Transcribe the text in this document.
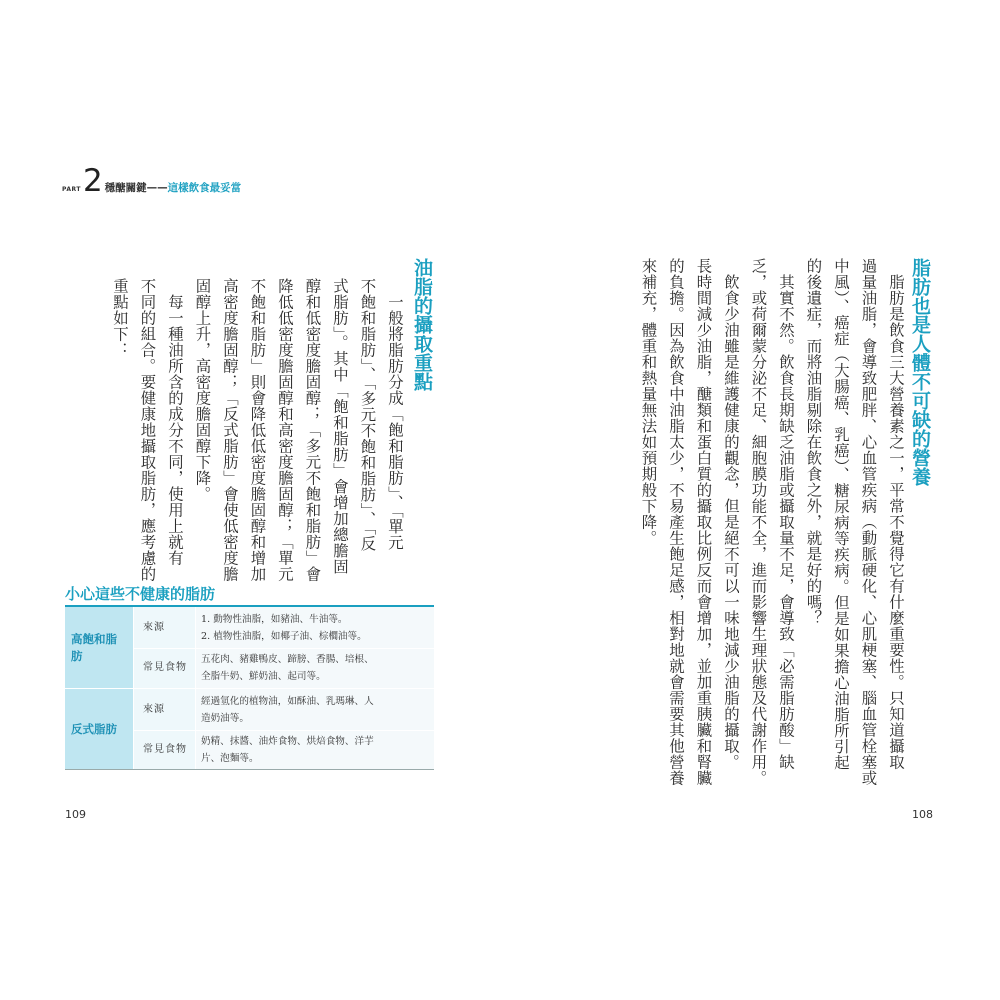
PART 2 穩醣關鍵—— 這樣飲食最妥當
脂肪也是人體不可缺的營養

　脂肪是飲食三大營養素之一，平常不覺得它有什麼重要性。只知道攝取

過量油脂，會導致肥胖、心血管疾病（動脈硬化、心肌梗塞、腦血管栓塞或

中風）、癌症（大腸癌、乳癌）、糖尿病等疾病。但是如果擔心油脂所引起

的後遺症，而將油脂剔除在飲食之外，就是好的嗎？

　其實不然。飲食長期缺乏油脂或攝取量不足，會導致「必需脂肪酸」缺

乏，或荷爾蒙分泌不足、細胞膜功能不全，進而影響生理狀態及代謝作用。

　飲食少油雖是維護健康的觀念，但是絕不可以一味地減少油脂的攝取。

長時間減少油脂，醣類和蛋白質的攝取比例反而會增加，並加重胰臟和腎臟

的負擔。因為飲食中油脂太少，不易產生飽足感，相對地就會需要其他營養

來補充，體重和熱量無法如預期般下降。

108
油脂的攝取重點

　一般將脂肪分成「飽和脂肪」、「單元

不飽和脂肪」、「多元不飽和脂肪」、「反

式脂肪」。其中「飽和脂肪」會增加總膽固

醇和低密度膽固醇；「多元不飽和脂肪」會

降低低密度膽固醇和高密度膽固醇；「單元

不飽和脂肪」則會降低低密度膽固醇和增加

高密度膽固醇；「反式脂肪」會使低密度膽

固醇上升，高密度膽固醇下降。

　每一種油所含的成分不同，使用上就有

不同的組合。要健康地攝取脂肪，應考慮的

重點如下：

109
小心這些不健康的脂肪
高飽和脂肪
來源
1. 動物性油脂，如豬油、牛油等。
2. 植物性油脂，如椰子油、棕櫚油等。
常見食物
五花肉、豬雞鴨皮、蹄膀、香腸、培根、
全脂牛奶、鮮奶油、起司等。
反式脂肪
來源
經過氫化的植物油，如酥油、乳瑪琳、人
造奶油等。
常見食物
奶精、抹醬、油炸食物、烘焙食物、洋芋
片、泡麵等。
